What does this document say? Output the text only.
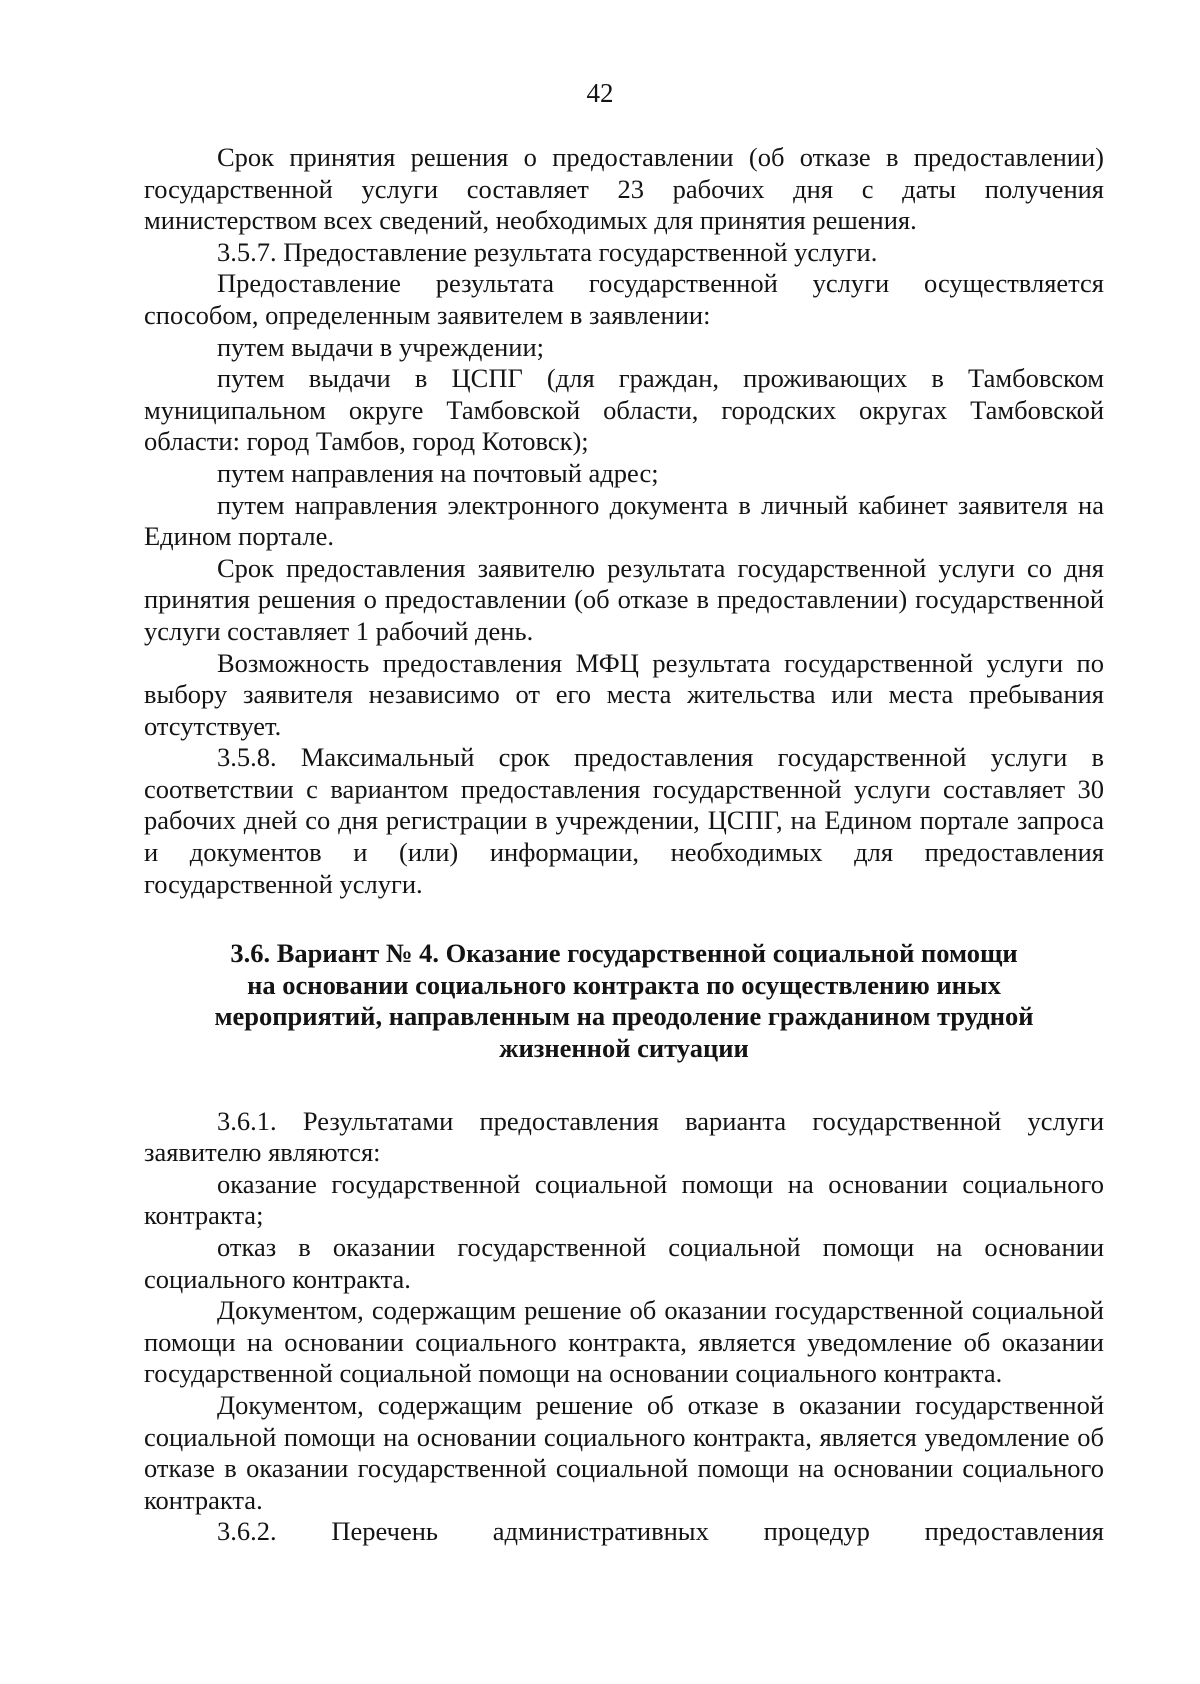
42

Срок принятия решения о предоставлении (об отказе в предоставлении) государственной услуги составляет 23 рабочих дня с даты получения министерством всех сведений, необходимых для принятия решения.

3.5.7. Предоставление результата государственной услуги.

Предоставление результата государственной услуги осуществляется способом, определенным заявителем в заявлении:

путем выдачи в учреждении;

путем выдачи в ЦСПГ (для граждан, проживающих в Тамбовском муниципальном округе Тамбовской области, городских округах Тамбовской области: город Тамбов, город Котовск);

путем направления на почтовый адрес;

путем направления электронного документа в личный кабинет заявителя на Едином портале.

Срок предоставления заявителю результата государственной услуги со дня принятия решения о предоставлении (об отказе в предоставлении) государственной услуги составляет 1 рабочий день.

Возможность предоставления МФЦ результата государственной услуги по выбору заявителя независимо от его места жительства или места пребывания отсутствует.

3.5.8. Максимальный срок предоставления государственной услуги в соответствии с вариантом предоставления государственной услуги составляет 30 рабочих дней со дня регистрации в учреждении, ЦСПГ, на Едином портале запроса и документов и (или) информации, необходимых для предоставления государственной услуги.

3.6. Вариант № 4. Оказание государственной социальной помощи
на основании социального контракта по осуществлению иных
мероприятий, направленным на преодоление гражданином трудной
жизненной ситуации

3.6.1. Результатами предоставления варианта государственной услуги заявителю являются:

оказание государственной социальной помощи на основании социального контракта;

отказ в оказании государственной социальной помощи на основании социального контракта.

Документом, содержащим решение об оказании государственной социальной помощи на основании социального контракта, является уведомление об оказании государственной социальной помощи на основании социального контракта.

Документом, содержащим решение об отказе в оказании государственной социальной помощи на основании социального контракта, является уведомление об отказе в оказании государственной социальной помощи на основании социального контракта.

3.6.2. Перечень административных процедур предоставления
